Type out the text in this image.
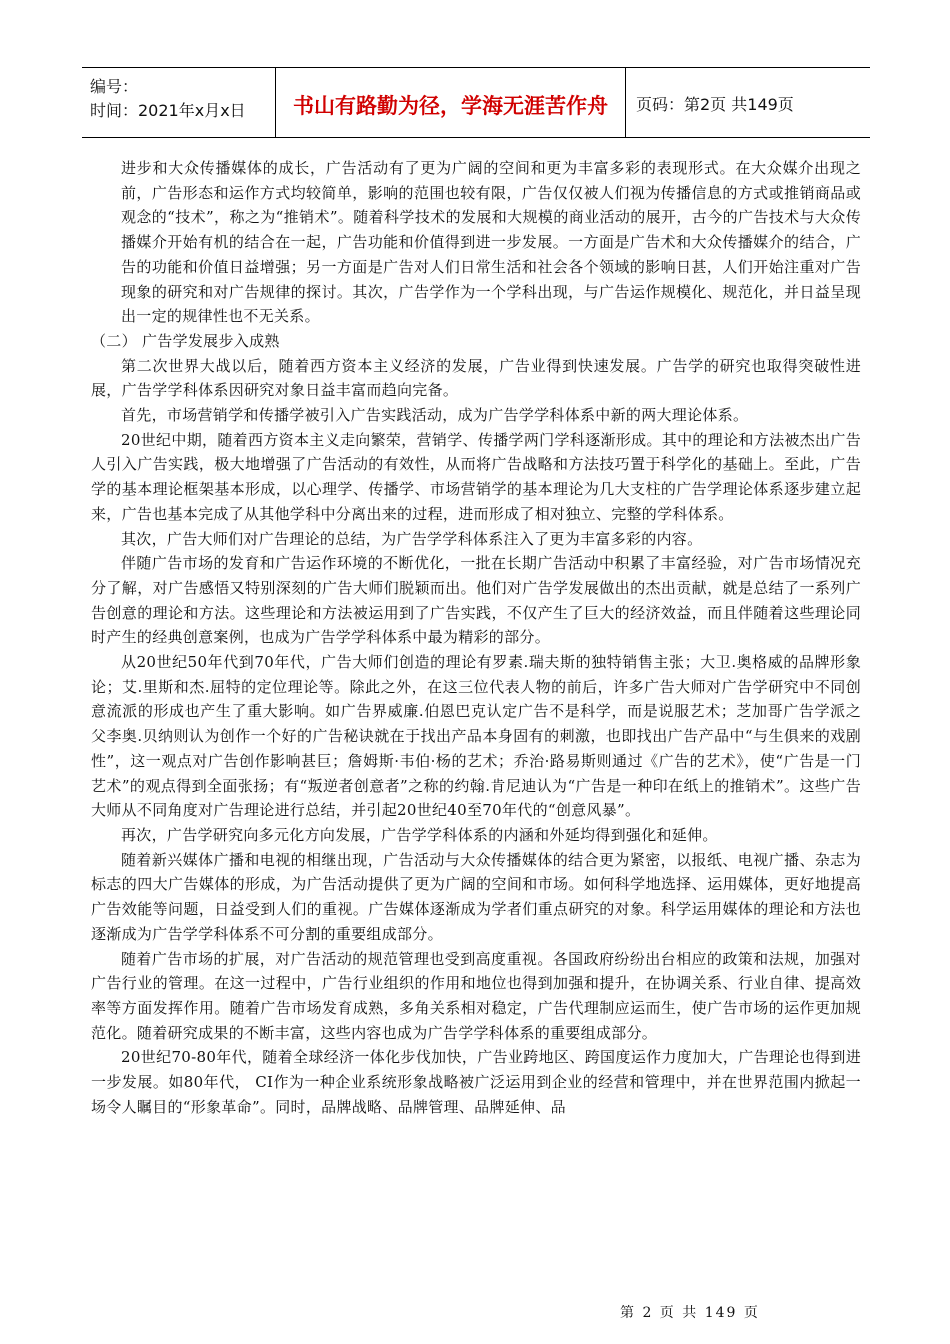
编号：
时间：2021年x月x日	书山有路勤为径，学海无涯苦作舟	页码：第2页 共149页

进步和大众传播媒体的成长，广告活动有了更为广阔的空间和更为丰富多彩的表现形式。在大众媒介出现之前，广告形态和运作方式均较简单，影响的范围也较有限，广告仅仅被人们视为传播信息的方式或推销商品或观念的“技术”，称之为“推销术”。随着科学技术的发展和大规模的商业活动的展开，古今的广告技术与大众传播媒介开始有机的结合在一起，广告功能和价值得到进一步发展。一方面是广告术和大众传播媒介的结合，广告的功能和价值日益增强；另一方面是广告对人们日常生活和社会各个领域的影响日甚，人们开始注重对广告现象的研究和对广告规律的探讨。其次，广告学作为一个学科出现，与广告运作规模化、规范化，并日益呈现出一定的规律性也不无关系。

（二） 广告学发展步入成熟

第二次世界大战以后，随着西方资本主义经济的发展，广告业得到快速发展。广告学的研究也取得突破性进展，广告学学科体系因研究对象日益丰富而趋向完备。

首先，市场营销学和传播学被引入广告实践活动，成为广告学学科体系中新的两大理论体系。

20世纪中期，随着西方资本主义走向繁荣，营销学、传播学两门学科逐渐形成。其中的理论和方法被杰出广告人引入广告实践，极大地增强了广告活动的有效性，从而将广告战略和方法技巧置于科学化的基础上。至此，广告学的基本理论框架基本形成，以心理学、传播学、市场营销学的基本理论为几大支柱的广告学理论体系逐步建立起来，广告也基本完成了从其他学科中分离出来的过程，进而形成了相对独立、完整的学科体系。

其次，广告大师们对广告理论的总结，为广告学学科体系注入了更为丰富多彩的内容。

伴随广告市场的发育和广告运作环境的不断优化，一批在长期广告活动中积累了丰富经验，对广告市场情况充分了解，对广告感悟又特别深刻的广告大师们脱颖而出。他们对广告学发展做出的杰出贡献，就是总结了一系列广告创意的理论和方法。这些理论和方法被运用到了广告实践，不仅产生了巨大的经济效益，而且伴随着这些理论同时产生的经典创意案例，也成为广告学学科体系中最为精彩的部分。

从20世纪50年代到70年代，广告大师们创造的理论有罗素.瑞夫斯的独特销售主张；大卫.奥格威的品牌形象论；艾.里斯和杰.屈特的定位理论等。除此之外，在这三位代表人物的前后，许多广告大师对广告学研究中不同创意流派的形成也产生了重大影响。如广告界威廉.伯恩巴克认定广告不是科学，而是说服艺术；芝加哥广告学派之父李奥.贝纳则认为创作一个好的广告秘诀就在于找出产品本身固有的刺激，也即找出广告产品中“与生俱来的戏剧性”，这一观点对广告创作影响甚巨；詹姆斯·韦伯·杨的艺术；乔治·路易斯则通过《广告的艺术》，使“广告是一门艺术”的观点得到全面张扬；有“叛逆者创意者”之称的约翰.肯尼迪认为“广告是一种印在纸上的推销术”。这些广告大师从不同角度对广告理论进行总结，并引起20世纪40至70年代的“创意风暴”。

再次，广告学研究向多元化方向发展，广告学学科体系的内涵和外延均得到强化和延伸。

随着新兴媒体广播和电视的相继出现，广告活动与大众传播媒体的结合更为紧密，以报纸、电视广播、杂志为标志的四大广告媒体的形成，为广告活动提供了更为广阔的空间和市场。如何科学地选择、运用媒体，更好地提高广告效能等问题，日益受到人们的重视。广告媒体逐渐成为学者们重点研究的对象。科学运用媒体的理论和方法也逐渐成为广告学学科体系不可分割的重要组成部分。

随着广告市场的扩展，对广告活动的规范管理也受到高度重视。各国政府纷纷出台相应的政策和法规，加强对广告行业的管理。在这一过程中，广告行业组织的作用和地位也得到加强和提升，在协调关系、行业自律、提高效率等方面发挥作用。随着广告市场发育成熟，多角关系相对稳定，广告代理制应运而生，使广告市场的运作更加规范化。随着研究成果的不断丰富，这些内容也成为广告学学科体系的重要组成部分。

20世纪70-80年代，随着全球经济一体化步伐加快，广告业跨地区、跨国度运作力度加大，广告理论也得到进一步发展。如80年代， CI作为一种企业系统形象战略被广泛运用到企业的经营和管理中，并在世界范围内掀起一场令人瞩目的“形象革命”。同时，品牌战略、品牌管理、品牌延伸、品

第 2 页 共 149 页
